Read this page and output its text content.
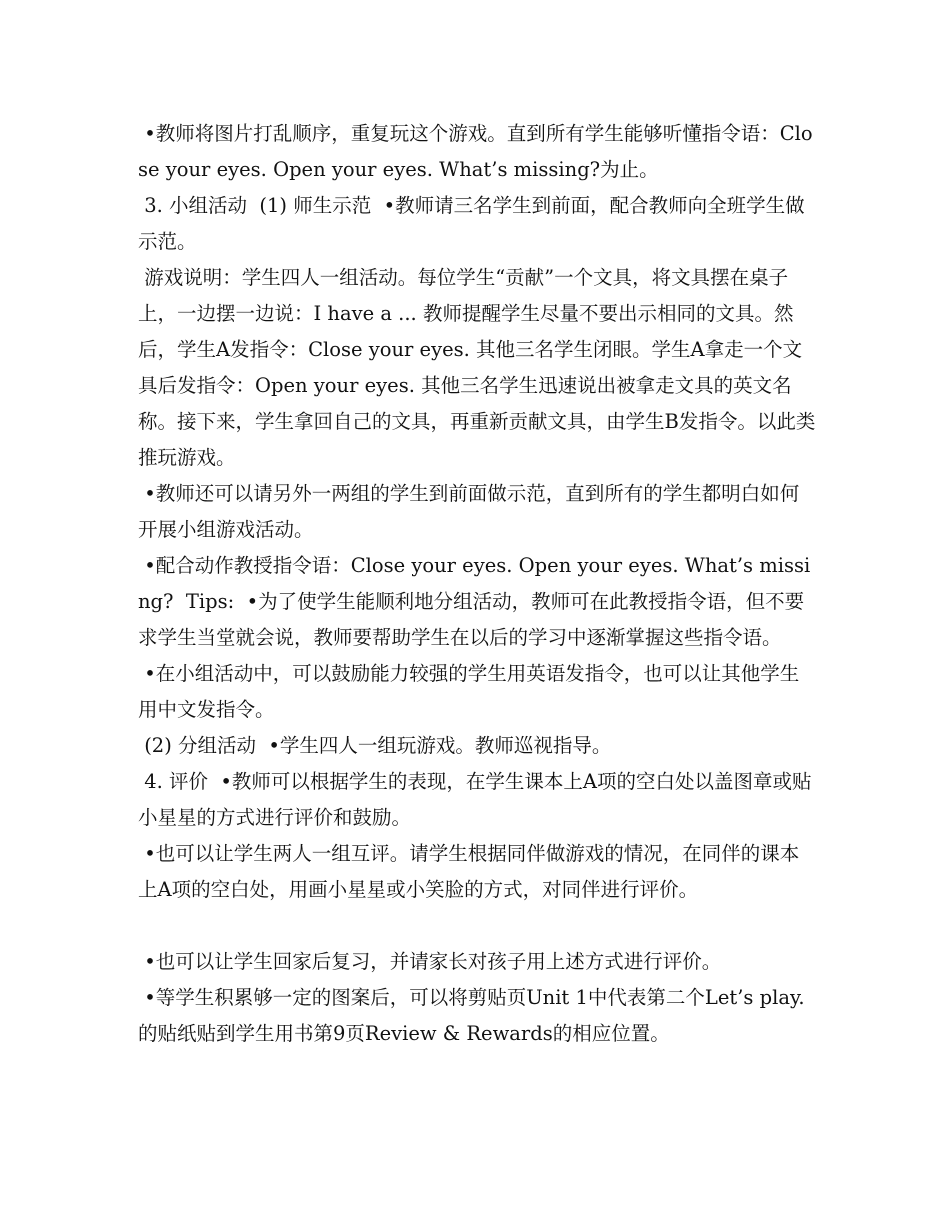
•教师将图片打乱顺序，重复玩这个游戏。直到所有学生能够听懂指令语：Close your eyes. Open your eyes. What’s missing?为止。

3. 小组活动  (1) 师生示范  •教师请三名学生到前面，配合教师向全班学生做示范。

游戏说明：学生四人一组活动。每位学生“贡献”一个文具，将文具摆在桌子上，一边摆一边说：I have a ... 教师提醒学生尽量不要出示相同的文具。然后，学生A发指令：Close your eyes. 其他三名学生闭眼。学生A拿走一个文具后发指令：Open your eyes. 其他三名学生迅速说出被拿走文具的英文名称。接下来，学生拿回自己的文具，再重新贡献文具，由学生B发指令。以此类推玩游戏。

•教师还可以请另外一两组的学生到前面做示范，直到所有的学生都明白如何开展小组游戏活动。

•配合动作教授指令语：Close your eyes. Open your eyes. What’s missing?  Tips:  •为了使学生能顺利地分组活动，教师可在此教授指令语，但不要求学生当堂就会说，教师要帮助学生在以后的学习中逐渐掌握这些指令语。

•在小组活动中，可以鼓励能力较强的学生用英语发指令，也可以让其他学生用中文发指令。

(2) 分组活动  •学生四人一组玩游戏。教师巡视指导。

4. 评价  •教师可以根据学生的表现，在学生课本上A项的空白处以盖图章或贴小星星的方式进行评价和鼓励。

•也可以让学生两人一组互评。请学生根据同伴做游戏的情况，在同伴的课本上A项的空白处，用画小星星或小笑脸的方式，对同伴进行评价。

•也可以让学生回家后复习，并请家长对孩子用上述方式进行评价。

•等学生积累够一定的图案后，可以将剪贴页Unit 1中代表第二个Let’s play.的贴纸贴到学生用书第9页Review & Rewards的相应位置。
